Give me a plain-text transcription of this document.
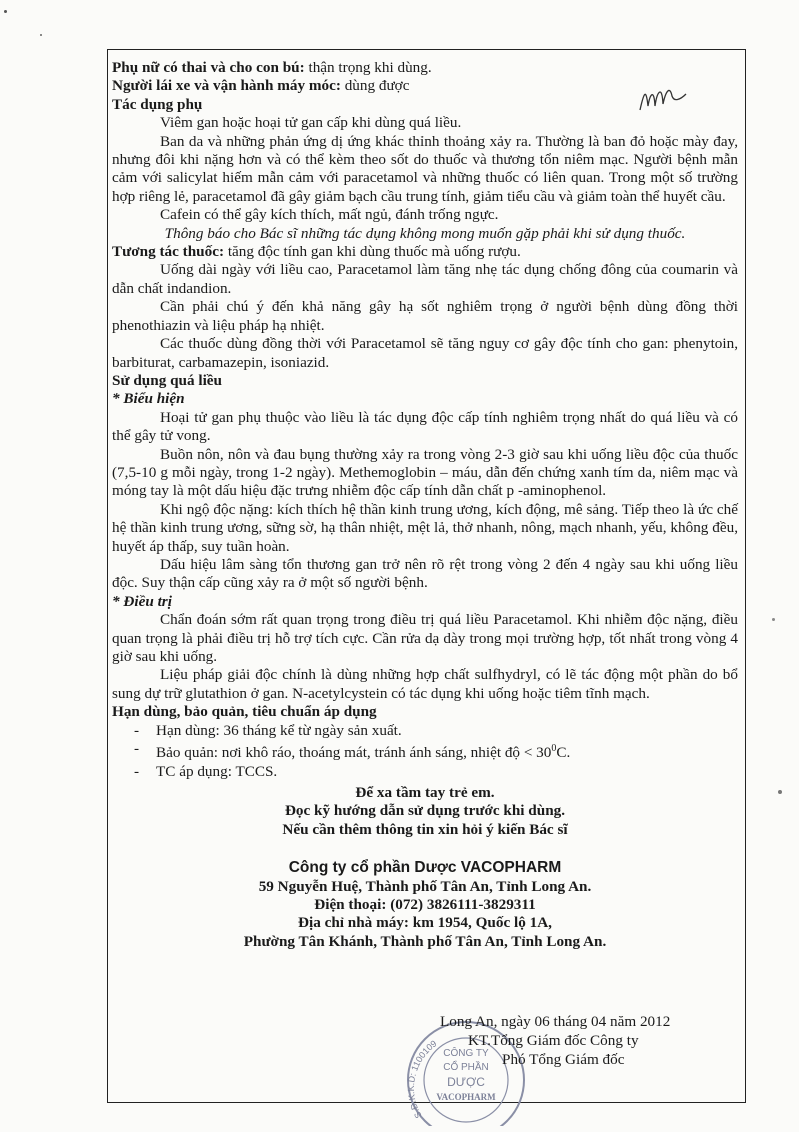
Phụ nữ có thai và cho con bú: thận trọng khi dùng.

Người lái xe và vận hành máy móc: dùng được

Tác dụng phụ

Viêm gan hoặc hoại tử gan cấp khi dùng quá liều.

Ban da và những phản ứng dị ứng khác thỉnh thoảng xảy ra. Thường là ban đỏ hoặc mày đay, nhưng đôi khi nặng hơn và có thể kèm theo sốt do thuốc và thương tổn niêm mạc. Người bệnh mẫn cảm với salicylat hiếm mẫn cảm với paracetamol và những thuốc có liên quan. Trong một số trường hợp riêng lẻ, paracetamol đã gây giảm bạch cầu trung tính, giảm tiểu cầu và giảm toàn thể huyết cầu.

Cafein có thể gây kích thích, mất ngủ, đánh trống ngực.

Thông báo cho Bác sĩ những tác dụng không mong muốn gặp phải khi sử dụng thuốc.

Tương tác thuốc: tăng độc tính gan khi dùng thuốc mà uống rượu.

Uống dài ngày với liều cao, Paracetamol làm tăng nhẹ tác dụng chống đông của coumarin và dẫn chất indandion.

Cần phải chú ý đến khả năng gây hạ sốt nghiêm trọng ở người bệnh dùng đồng thời phenothiazin và liệu pháp hạ nhiệt.

Các thuốc dùng đồng thời với Paracetamol sẽ tăng nguy cơ gây độc tính cho gan: phenytoin, barbiturat, carbamazepin, isoniazid.

Sử dụng quá liều

* Biểu hiện

Hoại tử gan phụ thuộc vào liều là tác dụng độc cấp tính nghiêm trọng nhất do quá liều và có thể gây tử vong.

Buồn nôn, nôn và đau bụng thường xảy ra trong vòng 2-3 giờ sau khi uống liều độc của thuốc (7,5-10 g mỗi ngày, trong 1-2 ngày). Methemoglobin – máu, dẫn đến chứng xanh tím da, niêm mạc và móng tay là một dấu hiệu đặc trưng nhiễm độc cấp tính dẫn chất p -aminophenol.

Khi ngộ độc nặng: kích thích hệ thần kinh trung ương, kích động, mê sảng. Tiếp theo là ức chế hệ thần kinh trung ương, sững sờ, hạ thân nhiệt, mệt lả, thở nhanh, nông, mạch nhanh, yếu, không đều, huyết áp thấp, suy tuần hoàn.

Dấu hiệu lâm sàng tổn thương gan trở nên rõ rệt trong vòng 2 đến 4 ngày sau khi uống liều độc. Suy thận cấp cũng xảy ra ở một số người bệnh.

* Điều trị

Chẩn đoán sớm rất quan trọng trong điều trị quá liều Paracetamol. Khi nhiễm độc nặng, điều quan trọng là phải điều trị hỗ trợ tích cực. Cần rửa dạ dày trong mọi trường hợp, tốt nhất trong vòng 4 giờ sau khi uống.

Liệu pháp giải độc chính là dùng những hợp chất sulfhydryl, có lẽ tác động một phần do bổ sung dự trữ glutathion ở gan. N-acetylcystein có tác dụng khi uống hoặc tiêm tĩnh mạch.

Hạn dùng, bảo quản, tiêu chuẩn áp dụng

- Hạn dùng: 36 tháng kể từ ngày sản xuất.

- Bảo quản: nơi khô ráo, thoáng mát, tránh ánh sáng, nhiệt độ < $30^0C$.

- TC áp dụng: TCCS.

Để xa tầm tay trẻ em.

Đọc kỹ hướng dẫn sử dụng trước khi dùng.

Nếu cần thêm thông tin xin hỏi ý kiến Bác sĩ

Công ty cổ phần Dược VACOPHARM

59 Nguyễn Huệ, Thành phố Tân An, Tỉnh Long An.

Điện thoại: (072) 3826111-3829311

Địa chỉ nhà máy: km 1954, Quốc lộ 1A,

Phường Tân Khánh, Thành phố Tân An, Tỉnh Long An.

S.Đ.K.K.D: 1100109
CÔNG TY
CỔ PHẦN
DƯỢC
VACOPHARM

Long An, ngày 06 tháng 04 năm 2012

KT.Tổng Giám đốc Công ty

Phó Tổng Giám đốc
